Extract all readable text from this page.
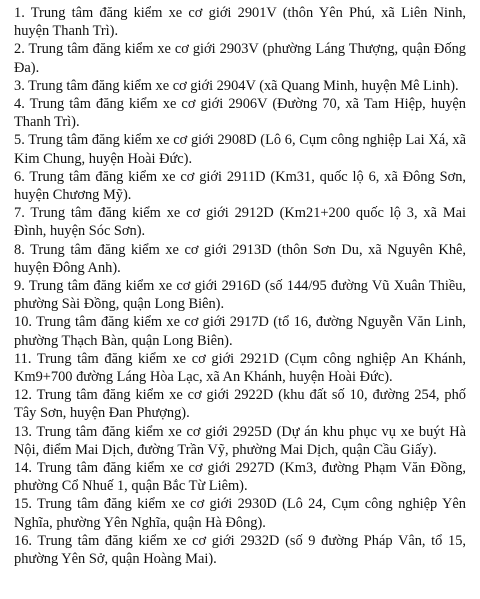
1. Trung tâm đăng kiểm xe cơ giới 2901V (thôn Yên Phú, xã Liên Ninh, huyện Thanh Trì).

2. Trung tâm đăng kiểm xe cơ giới 2903V (phường Láng Thượng, quận Đống Đa).

3. Trung tâm đăng kiểm xe cơ giới 2904V (xã Quang Minh, huyện Mê Linh).

4. Trung tâm đăng kiểm xe cơ giới 2906V (Đường 70, xã Tam Hiệp, huyện Thanh Trì).

5. Trung tâm đăng kiểm xe cơ giới 2908D (Lô 6, Cụm công nghiệp Lai Xá, xã Kim Chung, huyện Hoài Đức).

6. Trung tâm đăng kiểm xe cơ giới 2911D (Km31, quốc lộ 6, xã Đông Sơn, huyện Chương Mỹ).

7. Trung tâm đăng kiểm xe cơ giới 2912D (Km21+200 quốc lộ 3, xã Mai Đình, huyện Sóc Sơn).

8. Trung tâm đăng kiểm xe cơ giới 2913D (thôn Sơn Du, xã Nguyên Khê, huyện Đông Anh).

9. Trung tâm đăng kiểm xe cơ giới 2916D (số 144/95 đường Vũ Xuân Thiều, phường Sài Đồng, quận Long Biên).

10. Trung tâm đăng kiểm xe cơ giới 2917D (tổ 16, đường Nguyễn Văn Linh, phường Thạch Bàn, quận Long Biên).

11. Trung tâm đăng kiểm xe cơ giới 2921D (Cụm công nghiệp An Khánh, Km9+700 đường Láng Hòa Lạc, xã An Khánh, huyện Hoài Đức).

12. Trung tâm đăng kiểm xe cơ giới 2922D (khu đất số 10, đường 254, phố Tây Sơn, huyện Đan Phượng).

13. Trung tâm đăng kiểm xe cơ giới 2925D (Dự án khu phục vụ xe buýt Hà Nội, điểm Mai Dịch, đường Trần Vỹ, phường Mai Dịch, quận Cầu Giấy).

14. Trung tâm đăng kiểm xe cơ giới 2927D (Km3, đường Phạm Văn Đồng, phường Cổ Nhuế 1, quận Bắc Từ Liêm).

15. Trung tâm đăng kiểm xe cơ giới 2930D (Lô 24, Cụm công nghiệp Yên Nghĩa, phường Yên Nghĩa, quận Hà Đông).

16. Trung tâm đăng kiểm xe cơ giới 2932D (số 9 đường Pháp Vân, tổ 15, phường Yên Sở, quận Hoàng Mai).
